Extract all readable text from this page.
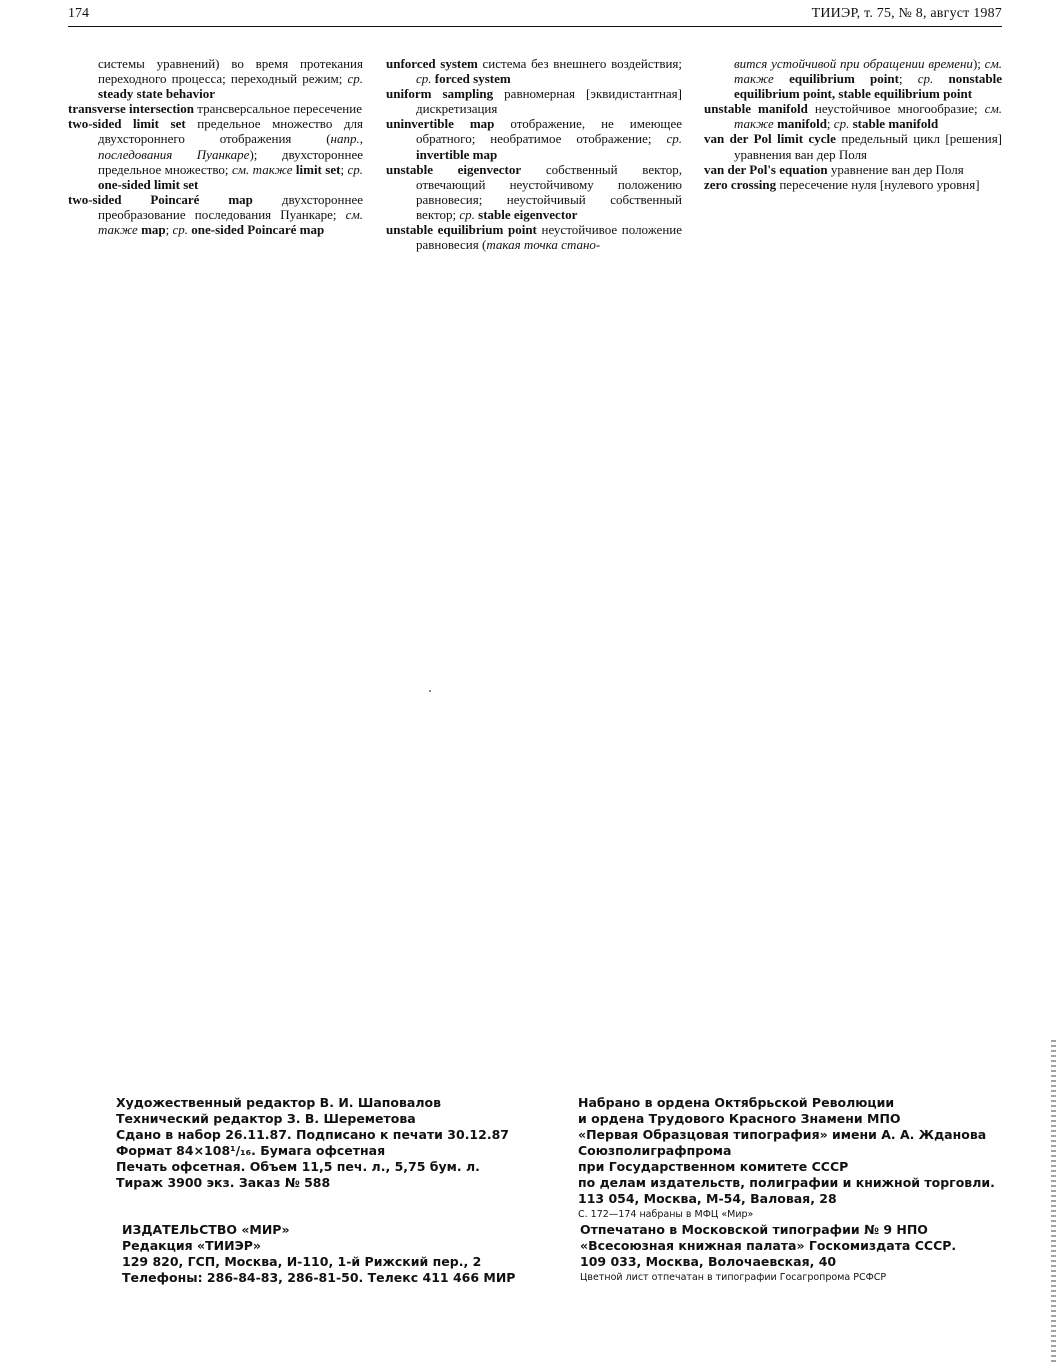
174	ТИИЭР, т. 75, № 8, август 1987

системы уравнений) во время протекания переходного процесса; переходный режим; ср. steady state behavior

transverse intersection трансверсальное пересечение

two-sided limit set предельное множество для двухстороннего отображения (напр., последования Пуанкаре); двухстороннее предельное множество; см. также limit set; ср. one-sided limit set

two-sided Poincaré map двухстороннее преобразование последования Пуанкаре; см. также map; ср. one-sided Poincaré map

unforced system система без внешнего воздействия; ср. forced system

uniform sampling равномерная [эквидистантная] дискретизация

uninvertible map отображение, не имеющее обратного; необратимое отображение; ср. invertible map

unstable eigenvector собственный вектор, отвечающий неустойчивому положению равновесия; неустойчивый собственный вектор; ср. stable eigenvector

unstable equilibrium point неустойчивое положение равновесия (такая точка стано-

вится устойчивой при обращении времени); см. также equilibrium point; ср. nonstable equilibrium point, stable equilibrium point

unstable manifold неустойчивое многообразие; см. также manifold; ср. stable manifold

van der Pol limit cycle предельный цикл [решения] уравнения ван дер Поля

van der Pol's equation уравнение ван дер Поля

zero crossing пересечение нуля [нулевого уровня]

Художественный редактор В. И. Шаповалов
Технический редактор З. В. Шереметова
Сдано в набор 26.11.87. Подписано к печати 30.12.87
Формат 84×108¹/₁₆. Бумага офсетная
Печать офсетная. Объем 11,5 печ. л., 5,75 бум. л.
Тираж 3900 экз. Заказ № 588
ИЗДАТЕЛЬСТВО «МИР»
Редакция «ТИИЭР»
129 820, ГСП, Москва, И-110, 1-й Рижский пер., 2
Телефоны: 286-84-83, 286-81-50. Телекс 411 466 МИР
Набрано в ордена Октябрьской Революции
и ордена Трудового Красного Знамени МПО
«Первая Образцовая типография» имени А. А. Жданова
Союзполиграфпрома
при Государственном комитете СССР
по делам издательств, полиграфии и книжной торговли.
113 054, Москва, М-54, Валовая, 28
С. 172—174 набраны в МФЦ «Мир»
Отпечатано в Московской типографии № 9 НПО
«Всесоюзная книжная палата» Госкомиздата СССР.
109 033, Москва, Волочаевская, 40
Цветной лист отпечатан в типографии Госагропрома РСФСР
